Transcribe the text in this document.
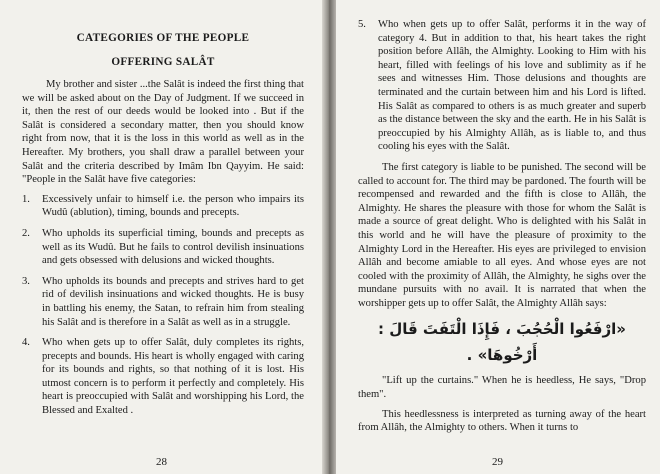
CATEGORIES OF THE PEOPLE
OFFERING SALÂT

My brother and sister ...the Salât is indeed the first thing that we will be asked about on the Day of Judgment. If we succeed in it, then the rest of our deeds would be looked into . But if the Salât is considered a secondary matter, then you should know right from now, that it is the loss in this world as well as in the Hereafter. My brothers, you shall draw a parallel between your Salât and the criteria described by Imâm Ibn Qayyim. He said: "People in the Salât have five categories:

1. Excessively unfair to himself i.e. the person who impairs its Wudû (ablution), timing, bounds and precepts.
2. Who upholds its superficial timing, bounds and precepts as well as its Wudû. But he fails to control devilish insinuations and gets obsessed with delusions and wicked thoughts.
3. Who upholds its bounds and precepts and strives hard to get rid of devilish insinuations and wicked thoughts. He is busy in battling his enemy, the Satan, to refrain him from stealing his Salât and is therefore in a Salât as well as in a struggle.
4. Who when gets up to offer Salât, duly completes its rights, precepts and bounds. His heart is wholly engaged with caring for its bounds and rights, so that nothing of it is lost. His utmost concern is to perform it perfectly and completely. His heart is preoccupied with Salât and worshipping his Lord, the Blessed and Exalted .
28
5. Who when gets up to offer Salât, performs it in the way of category 4. But in addition to that, his heart takes the right position before Allâh, the Almighty. Looking to Him with his heart, filled with feelings of his love and sublimity as if he sees and witnesses Him. Those delusions and thoughts are terminated and the curtain between him and his Lord is lifted. His Salât as compared to others is as much greater and superb as the distance between the sky and the earth. He in his Salât is preoccupied by his Almighty Allâh, as is liable to, and thus cooling his eyes with the Salât.

The first category is liable to be punished. The second will be called to account for. The third may be pardoned. The fourth will be recompensed and rewarded and the fifth is close to Allâh, the Almighty. He shares the pleasure with those for whom the Salât is made a source of great delight. Who is delighted with his Salât in this world and he will have the pleasure of proximity to the Almighty Lord in the Hereafter. His eyes are privileged to envision Allâh and become amiable to all eyes. And whose eyes are not cooled with the proximity of Allâh, the Almighty, he sighs over the mundane pursuits with no avail. It is narrated that when the worshipper gets up to offer Salât, the Almighty Allâh says:

«ارْفَعُوا الْحُجُبَ ، فَإِذَا الْتَفَتَ قَالَ : أَرْخُوهَا» .

"Lift up the curtains." When he is heedless, He says, "Drop them".

This heedlessness is interpreted as turning away of the heart from Allâh, the Almighty to others. When it turns to

29
